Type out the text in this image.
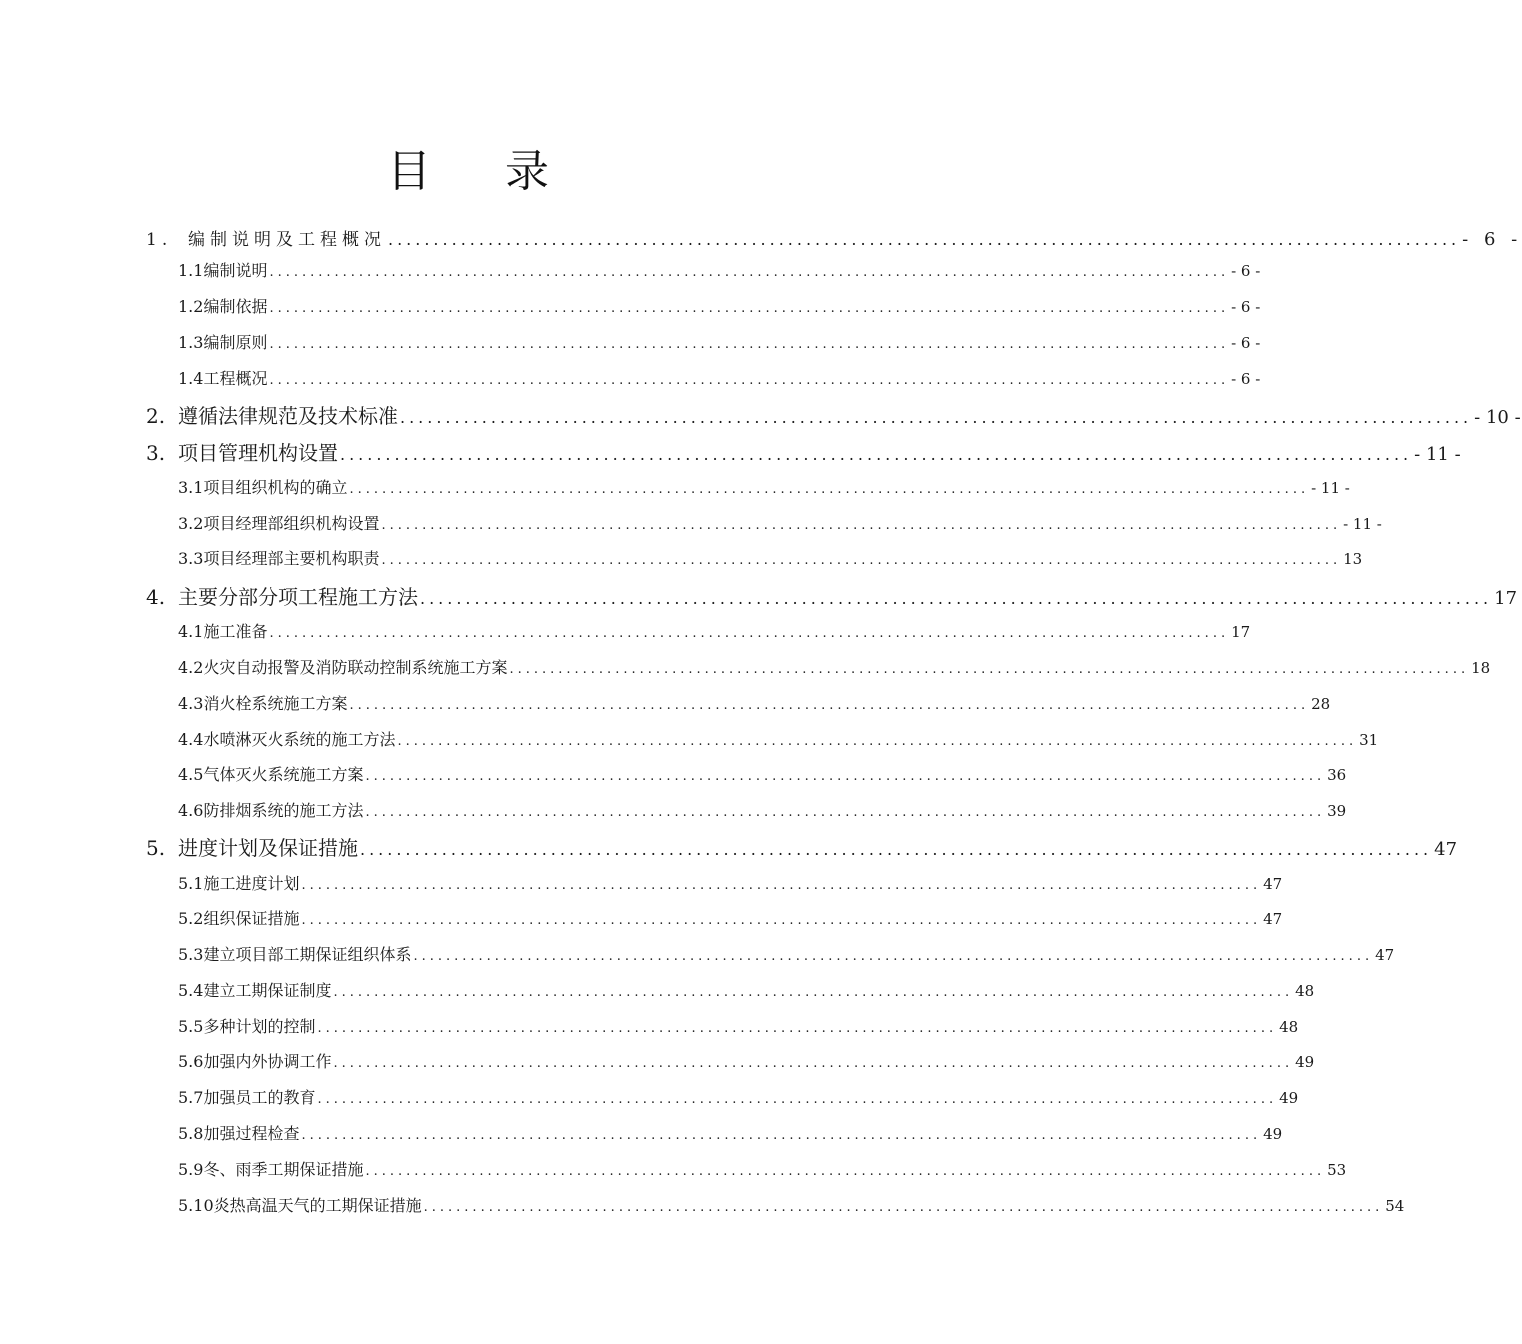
目 录
1. 编制说明及工程概况 ...................................................................................................................... - 6 -
1.1 编制说明 ...................................................................................................................... - 6 -
1.2 编制依据 ...................................................................................................................... - 6 -
1.3 编制原则 ...................................................................................................................... - 6 -
1.4 工程概况 ...................................................................................................................... - 6 -
2. 遵循法律规范及技术标准 ...................................................................................................................... - 10 -
3. 项目管理机构设置 ...................................................................................................................... - 11 -
3.1 项目组织机构的确立 ...................................................................................................................... - 11 -
3.2 项目经理部组织机构设置 ...................................................................................................................... - 11 -
3.3 项目经理部主要机构职责 ...................................................................................................................... 13
4. 主要分部分项工程施工方法 ...................................................................................................................... 17
4.1 施工准备 ...................................................................................................................... 17
4.2 火灾自动报警及消防联动控制系统施工方案 ...................................................................................................................... 18
4.3 消火栓系统施工方案 ...................................................................................................................... 28
4.4 水喷淋灭火系统的施工方法 ...................................................................................................................... 31
4.5 气体灭火系统施工方案 ...................................................................................................................... 36
4.6 防排烟系统的施工方法 ...................................................................................................................... 39
5. 进度计划及保证措施 ...................................................................................................................... 47
5.1 施工进度计划 ...................................................................................................................... 47
5.2 组织保证措施 ...................................................................................................................... 47
5.3 建立项目部工期保证组织体系 ...................................................................................................................... 47
5.4 建立工期保证制度 ...................................................................................................................... 48
5.5 多种计划的控制 ...................................................................................................................... 48
5.6 加强内外协调工作 ...................................................................................................................... 49
5.7 加强员工的教育 ...................................................................................................................... 49
5.8 加强过程检查 ...................................................................................................................... 49
5.9 冬、雨季工期保证措施 ...................................................................................................................... 53
5.10 炎热高温天气的工期保证措施 ...................................................................................................................... 54
